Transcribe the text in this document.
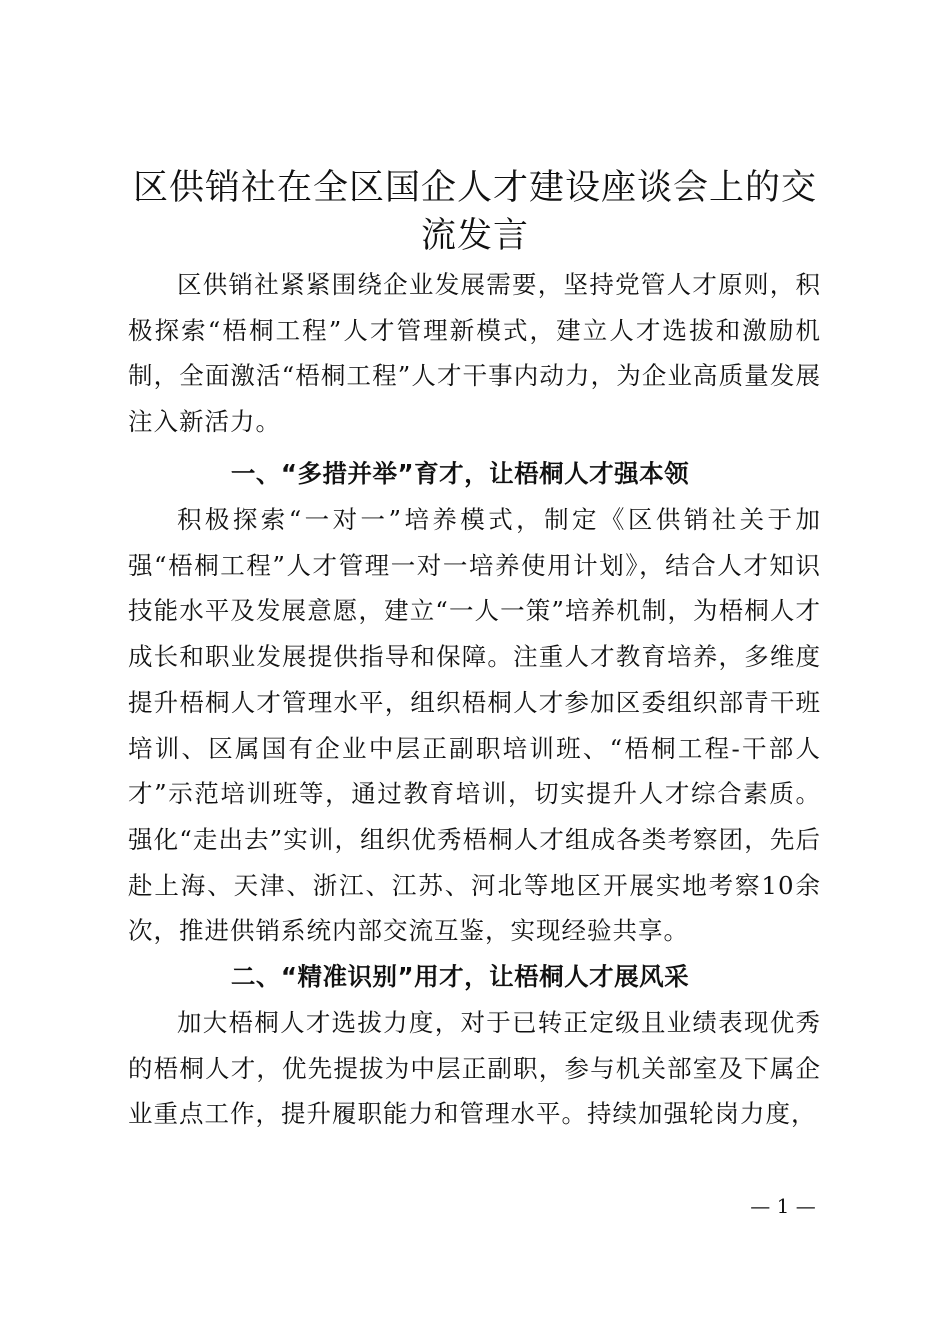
区供销社在全区国企人才建设座谈会上的交流发言

区供销社紧紧围绕企业发展需要，坚持党管人才原则，积极探索“梧桐工程”人才管理新模式，建立人才选拔和激励机制，全面激活“梧桐工程”人才干事内动力，为企业高质量发展注入新活力。

一、“多措并举”育才，让梧桐人才强本领

积极探索“一对一”培养模式，制定《区供销社关于加强“梧桐工程”人才管理一对一培养使用计划》，结合人才知识技能水平及发展意愿，建立“一人一策”培养机制，为梧桐人才成长和职业发展提供指导和保障。注重人才教育培养，多维度提升梧桐人才管理水平，组织梧桐人才参加区委组织部青干班培训、区属国有企业中层正副职培训班、“梧桐工程-干部人才”示范培训班等，通过教育培训，切实提升人才综合素质。强化“走出去”实训，组织优秀梧桐人才组成各类考察团，先后赴上海、天津、浙江、江苏、河北等地区开展实地考察10余次，推进供销系统内部交流互鉴，实现经验共享。

二、“精准识别”用才，让梧桐人才展风采

加大梧桐人才选拔力度，对于已转正定级且业绩表现优秀的梧桐人才，优先提拔为中层正副职，参与机关部室及下属企业重点工作，提升履职能力和管理水平。持续加强轮岗力度，

— 1 —
